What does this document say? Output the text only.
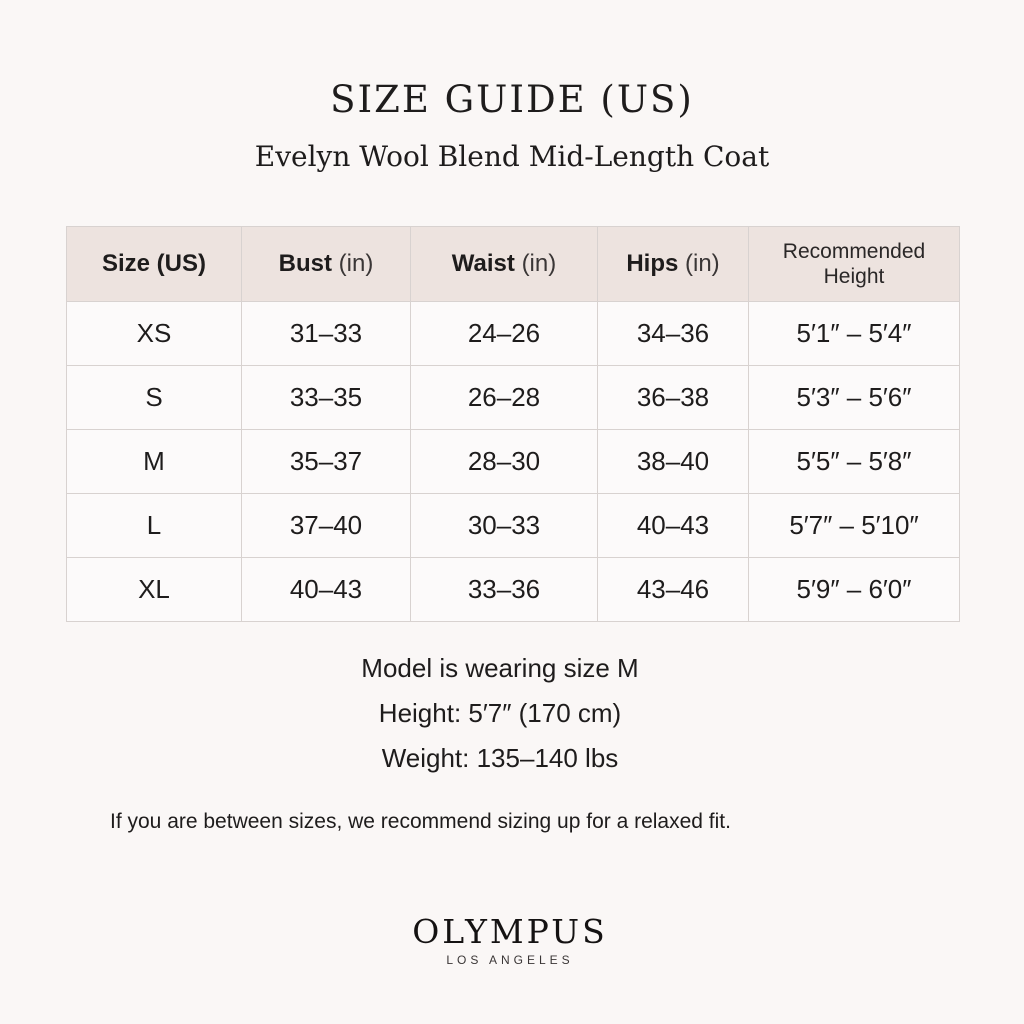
SIZE GUIDE (US)
Evelyn Wool Blend Mid-Length Coat
Size (US)	Bust (in)	Waist (in)	Hips (in)	Recommended
Height

XS	31–33	24–26	34–36	5′1″ – 5′4″
S	33–35	26–28	36–38	5′3″ – 5′6″
M	35–37	28–30	38–40	5′5″ – 5′8″
L	37–40	30–33	40–43	5′7″ – 5′10″
XL	40–43	33–36	43–46	5′9″ – 6′0″
Model is wearing size M
Height: 5′7″ (170 cm)
Weight: 135–140 lbs
If you are between sizes, we recommend sizing up for a relaxed fit.
OLYMPUS
LOS ANGELES
